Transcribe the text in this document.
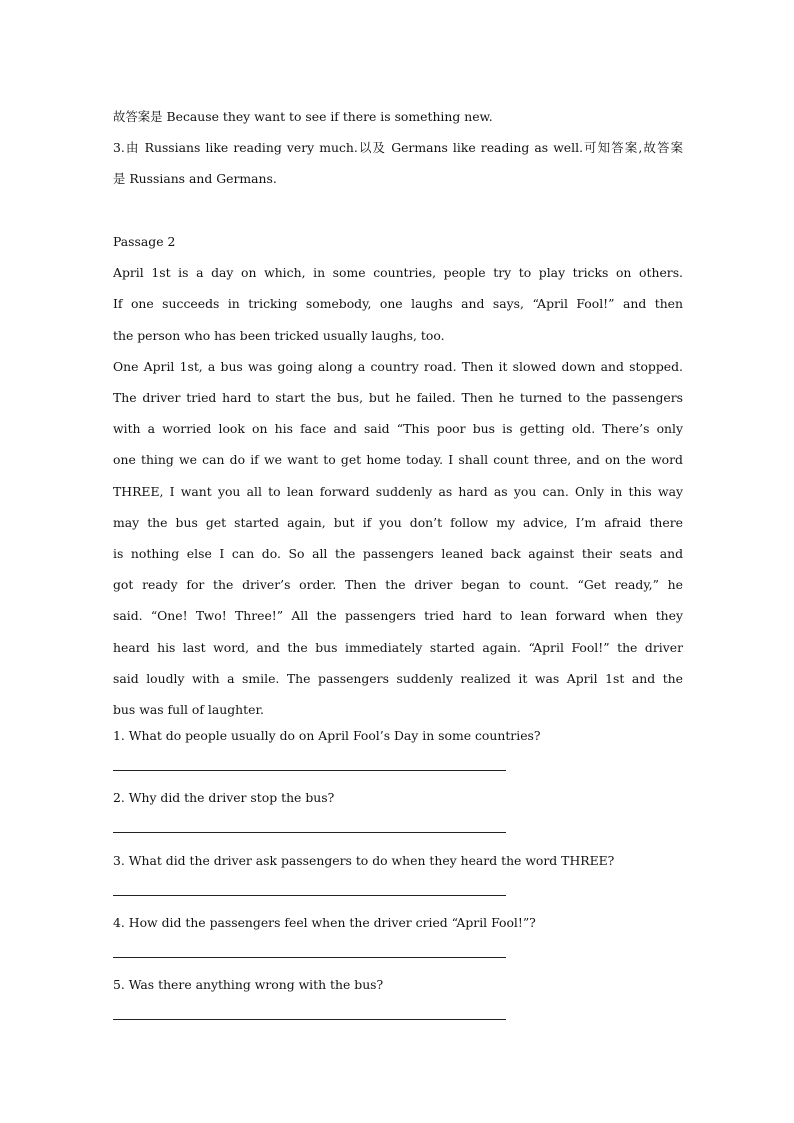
故答案是 Because they want to see if there is something new.
3.由 Russians like reading very much.以及 Germans like reading as well.可知答案,故答案
是 Russians and Germans.
Passage 2
April 1st is a day on which, in some countries, people try to play tricks on others.
If one succeeds in tricking somebody, one laughs and says, “April Fool!” and then
the person who has been tricked usually laughs, too.
One April 1st, a bus was going along a country road. Then it slowed down and stopped.
The driver tried hard to start the bus, but he failed. Then he turned to the passengers
with a worried look on his face and said “This poor bus is getting old. There’s only
one thing we can do if we want to get home today. I shall count three, and on the word
THREE, I want you all to lean forward suddenly as hard as you can. Only in this way
may the bus get started again, but if you don’t follow my advice, I’m afraid there
is nothing else I can do. So all the passengers leaned back against their seats and
got ready for the driver’s order. Then the driver began to count. “Get ready,” he
said. “One! Two! Three!” All the passengers tried hard to lean forward when they
heard his last word, and the bus immediately started again. “April Fool!” the driver
said loudly with a smile. The passengers suddenly realized it was April 1st and the
bus was full of laughter.
1. What do people usually do on April Fool’s Day in some countries?
2. Why did the driver stop the bus?
3. What did the driver ask passengers to do when they heard the word THREE?
4. How did the passengers feel when the driver cried “April Fool!”?
5. Was there anything wrong with the bus?
